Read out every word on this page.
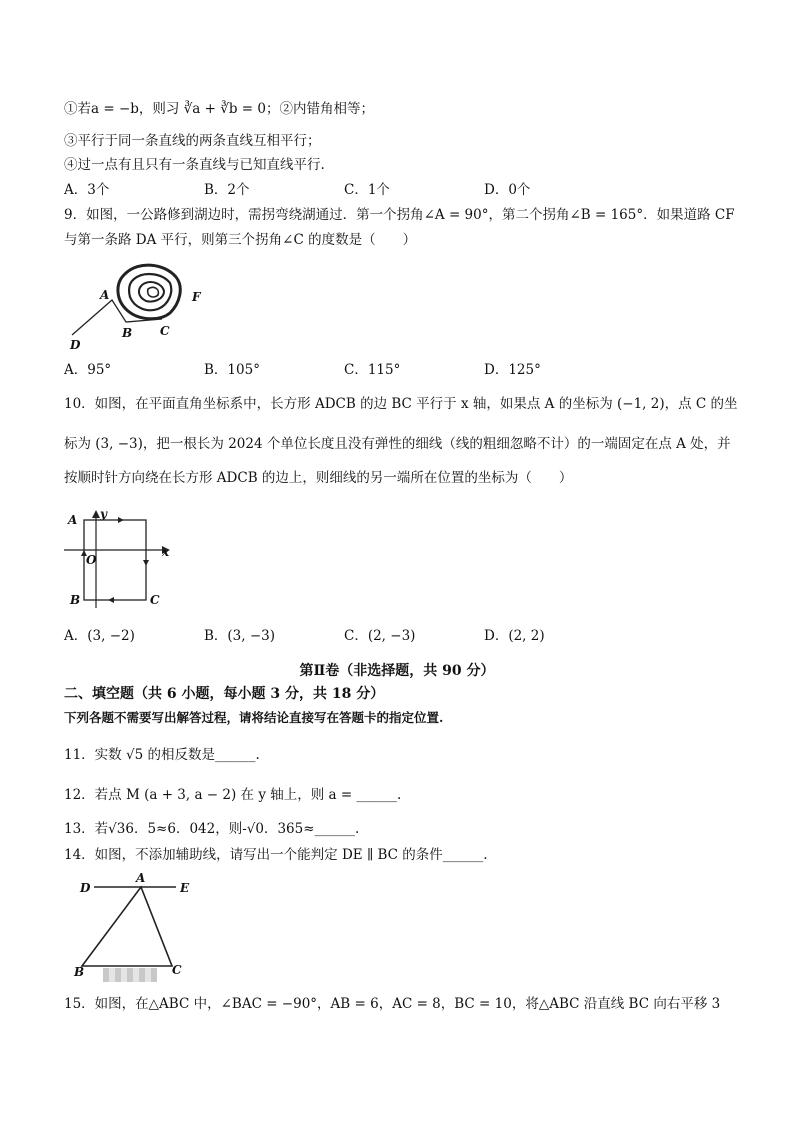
①若a = −b，则习 ∛a + ∛b = 0；②内错角相等；
③平行于同一条直线的两条直线互相平行；
④过一点有且只有一条直线与已知直线平行.
A．3个	B．2个	C．1个	D．0个
9．如图，一公路修到湖边时，需拐弯绕湖通过．第一个拐角∠A = 90°，第二个拐角∠B = 165°．如果道路 CF
与第一条路 DA 平行，则第三个拐角∠C 的度数是（　　）
A
B C
D
F
A．95°	B．105°	C．115°	D．125°
10．如图，在平面直角坐标系中，长方形 ADCB 的边 BC 平行于 x 轴，如果点 A 的坐标为 (−1, 2)，点 C 的坐
标为 (3, −3)，把一根长为 2024 个单位长度且没有弹性的细线（线的粗细忽略不计）的一端固定在点 A 处，并
按顺时针方向绕在长方形 ADCB 的边上，则细线的另一端所在位置的坐标为（　　）
A
B	C
O
x
y
A．(3, −2)	B．(3, −3)	C．(2, −3)	D．(2, 2)
第Ⅱ卷（非选择题，共 90 分）
二、填空题（共 6 小题，每小题 3 分，共 18 分）
下列各题不需要写出解答过程，请将结论直接写在答题卡的指定位置.
11．实数 √5 的相反数是______.
12．若点 M (a + 3, a − 2) 在 y 轴上，则 a = ______.
13．若√36．5≈6．042，则-√0．365≈______.
14．如图，不添加辅助线，请写出一个能判定 DE ∥ BC 的条件______.
D
A
E
B	C
15．如图，在△ABC 中，∠BAC = −90°，AB = 6，AC = 8，BC = 10，将△ABC 沿直线 BC 向右平移 3
